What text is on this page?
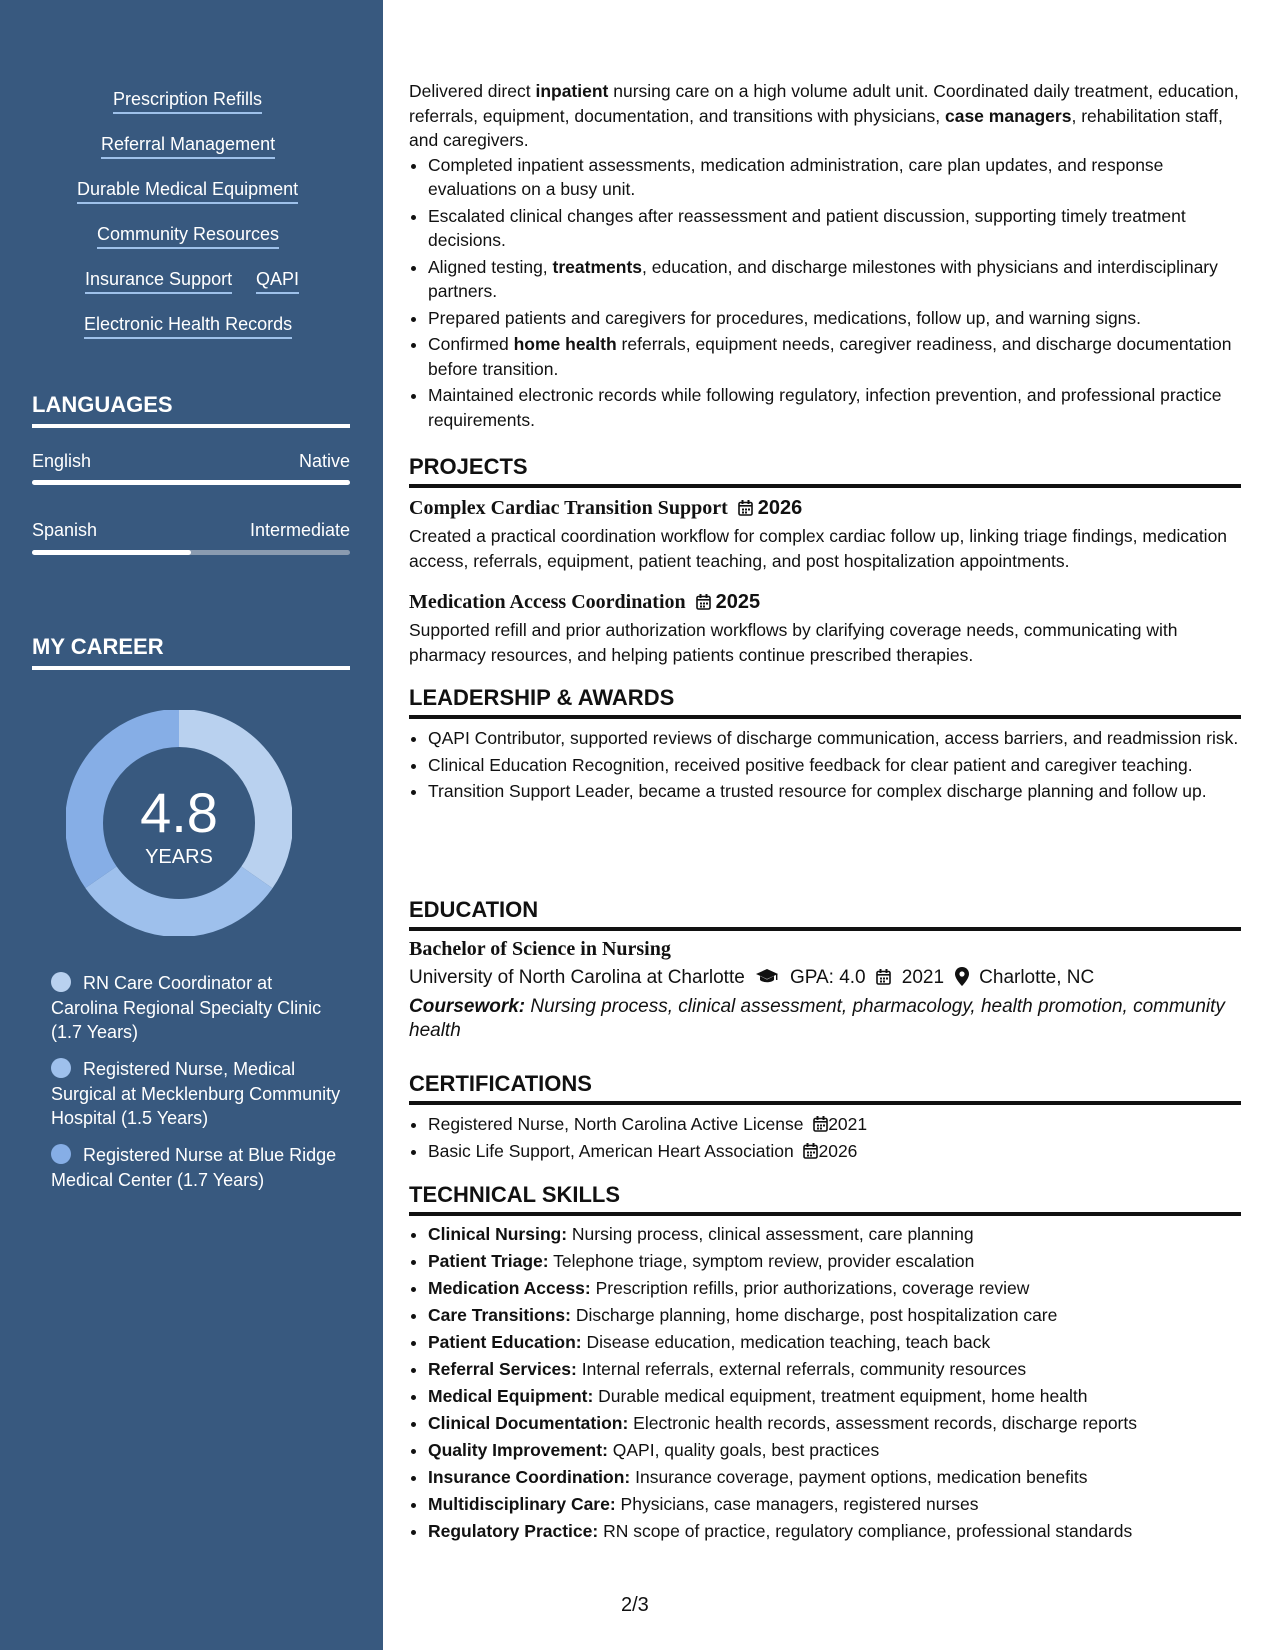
Prescription Refills
Referral Management
Durable Medical Equipment
Community Resources
Insurance Support QAPI
Electronic Health Records
LANGUAGES
English	Native
Spanish	Intermediate
MY CAREER
4.8
YEARS
RN Care Coordinator at Carolina Regional Specialty Clinic (1.7 Years)
Registered Nurse, Medical Surgical at Mecklenburg Community Hospital (1.5 Years)
Registered Nurse at Blue Ridge Medical Center (1.7 Years)

Delivered direct inpatient nursing care on a high volume adult unit. Coordinated daily treatment, education, referrals, equipment, documentation, and transitions with physicians, case managers, rehabilitation staff, and caregivers.

• Completed inpatient assessments, medication administration, care plan updates, and response evaluations on a busy unit.
• Escalated clinical changes after reassessment and patient discussion, supporting timely treatment decisions.
• Aligned testing, treatments, education, and discharge milestones with physicians and interdisciplinary partners.
• Prepared patients and caregivers for procedures, medications, follow up, and warning signs.
• Confirmed home health referrals, equipment needs, caregiver readiness, and discharge documentation before transition.
• Maintained electronic records while following regulatory, infection prevention, and professional practice requirements.
PROJECTS
Complex Cardiac Transition Support 2026

Created a practical coordination workflow for complex cardiac follow up, linking triage findings, medication access, referrals, equipment, patient teaching, and post hospitalization appointments.

Medication Access Coordination 2025

Supported refill and prior authorization workflows by clarifying coverage needs, communicating with pharmacy resources, and helping patients continue prescribed therapies.

LEADERSHIP & AWARDS
• QAPI Contributor, supported reviews of discharge communication, access barriers, and readmission risk.
• Clinical Education Recognition, received positive feedback for clear patient and caregiver teaching.
• Transition Support Leader, became a trusted resource for complex discharge planning and follow up.
EDUCATION
Bachelor of Science in Nursing
University of North Carolina at Charlotte GPA: 4.0 2021 Charlotte, NC
Coursework: Nursing process, clinical assessment, pharmacology, health promotion, community health
CERTIFICATIONS
• Registered Nurse, North Carolina Active License 2021
• Basic Life Support, American Heart Association 2026
TECHNICAL SKILLS
• Clinical Nursing: Nursing process, clinical assessment, care planning
• Patient Triage: Telephone triage, symptom review, provider escalation
• Medication Access: Prescription refills, prior authorizations, coverage review
• Care Transitions: Discharge planning, home discharge, post hospitalization care
• Patient Education: Disease education, medication teaching, teach back
• Referral Services: Internal referrals, external referrals, community resources
• Medical Equipment: Durable medical equipment, treatment equipment, home health
• Clinical Documentation: Electronic health records, assessment records, discharge reports
• Quality Improvement: QAPI, quality goals, best practices
• Insurance Coordination: Insurance coverage, payment options, medication benefits
• Multidisciplinary Care: Physicians, case managers, registered nurses
• Regulatory Practice: RN scope of practice, regulatory compliance, professional standards
2/3
